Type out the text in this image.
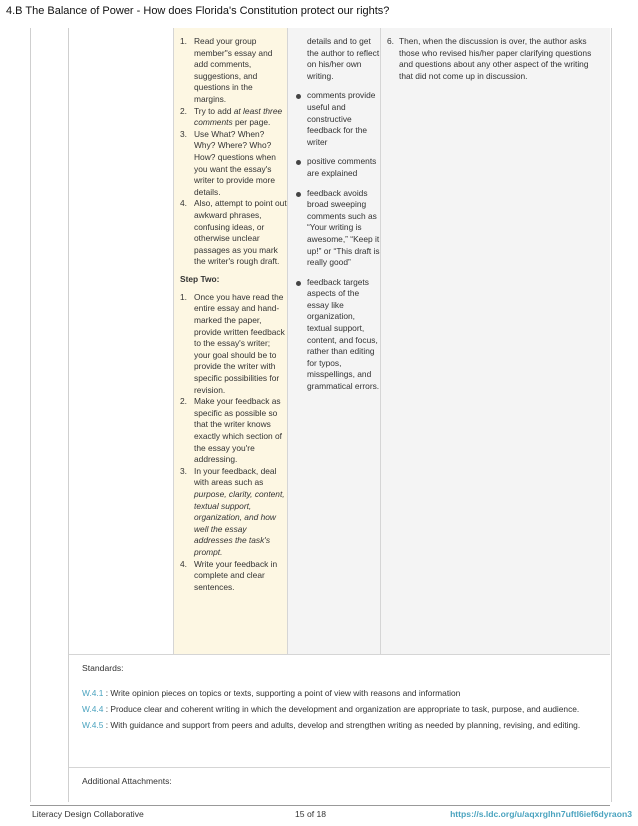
4.B The Balance of Power - How does Florida's Constitution protect our rights?
1. Read your group member"s essay and add comments, suggestions, and questions in the margins.
2. Try to add at least three comments per page.
3. Use What? When? Why? Where? Who? How? questions when you want the essay's writer to provide more details.
4. Also, attempt to point out awkward phrases, confusing ideas, or otherwise unclear passages as you mark the writer's rough draft.
Step Two:
1. Once you have read the entire essay and hand-marked the paper, provide written feedback to the essay's writer; your goal should be to provide the writer with specific possibilities for revision.
2. Make your feedback as specific as possible so that the writer knows exactly which section of the essay you're addressing.
3. In your feedback, deal with areas such as purpose, clarity, content, textual support, organization, and how well the essay addresses the task's prompt.
4. Write your feedback in complete and clear sentences.
details and to get the author to reflect on his/her own writing.
comments provide useful and constructive feedback for the writer
positive comments are explained
feedback avoids broad sweeping comments such as “Your writing is awesome,” “Keep it up!” or “This draft is really good”
feedback targets aspects of the essay like organization, textual support, content, and focus, rather than editing for typos, misspellings, and grammatical errors.
6. Then, when the discussion is over, the author asks those who revised his/her paper clarifying questions and questions about any other aspect of the writing that did not come up in discussion.
Standards:
W.4.1 : Write opinion pieces on topics or texts, supporting a point of view with reasons and information
W.4.4 : Produce clear and coherent writing in which the development and organization are appropriate to task, purpose, and audience.
W.4.5 : With guidance and support from peers and adults, develop and strengthen writing as needed by planning, revising, and editing.
Additional Attachments:
Literacy Design Collaborative	15 of 18	https://s.ldc.org/u/aqxrglhn7uftl6ief6dyraon3
